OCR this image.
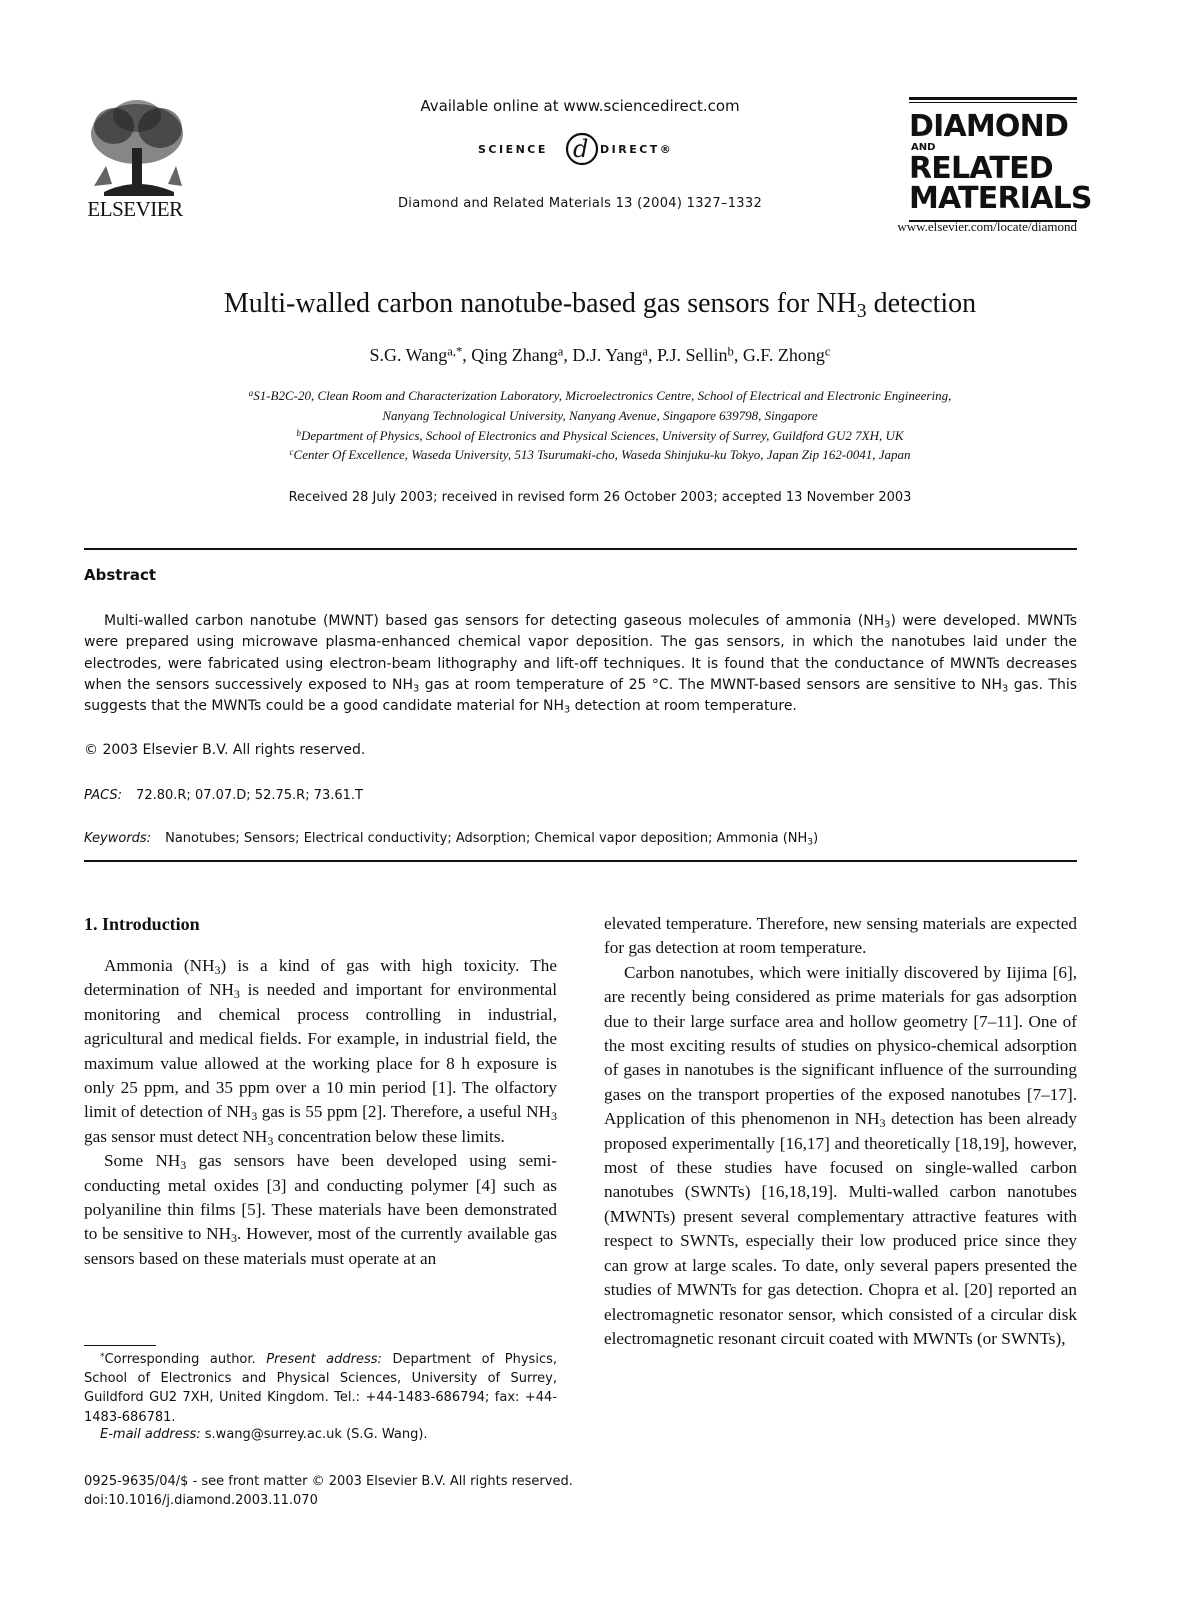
ELSEVIER
Available online at www.sciencedirect.com
SCIENCE d DIRECT®
Diamond and Related Materials 13 (2004) 1327–1332
DIAMOND
AND
RELATED
MATERIALS
www.elsevier.com/locate/diamond
Multi-walled carbon nanotube-based gas sensors for $NH_3$ detection
S.G. Wang$^{a,*}$, Qing Zhang$^a$, D.J. Yang$^a$, P.J. Sellin$^b$, G.F. Zhong$^c$
$^a$S1-B2C-20, Clean Room and Characterization Laboratory, Microelectronics Centre, School of Electrical and Electronic Engineering,
Nanyang Technological University, Nanyang Avenue, Singapore 639798, Singapore
$^b$Department of Physics, School of Electronics and Physical Sciences, University of Surrey, Guildford GU2 7XH, UK
$^c$Center Of Excellence, Waseda University, 513 Tsurumaki-cho, Waseda Shinjuku-ku Tokyo, Japan Zip 162-0041, Japan
Received 28 July 2003; received in revised form 26 October 2003; accepted 13 November 2003
Abstract
Multi-walled carbon nanotube (MWNT) based gas sensors for detecting gaseous molecules of ammonia $(NH_3)$ were developed. MWNTs were prepared using microwave plasma-enhanced chemical vapor deposition. The gas sensors, in which the nanotubes laid under the electrodes, were fabricated using electron-beam lithography and lift-off techniques. It is found that the conductance of MWNTs decreases when the sensors successively exposed to $NH_3$ gas at room temperature of 25 °C. The MWNT-based sensors are sensitive to $NH_3$ gas. This suggests that the MWNTs could be a good candidate material for $NH_3$ detection at room temperature.
© 2003 Elsevier B.V. All rights reserved.
PACS: 72.80.R; 07.07.D; 52.75.R; 73.61.T
Keywords: Nanotubes; Sensors; Electrical conductivity; Adsorption; Chemical vapor deposition; Ammonia $(NH_3)$
1. Introduction

Ammonia $(NH_3)$ is a kind of gas with high toxicity. The determination of $NH_3$ is needed and important for environmental monitoring and chemical process controlling in industrial, agricultural and medical fields. For example, in industrial field, the maximum value allowed at the working place for 8 h exposure is only 25 ppm, and 35 ppm over a 10 min period [1]. The olfactory limit of detection of $NH_3$ gas is 55 ppm [2]. Therefore, a useful $NH_3$ gas sensor must detect $NH_3$ concentration below these limits.

Some $NH_3$ gas sensors have been developed using semi-conducting metal oxides [3] and conducting polymer [4] such as polyaniline thin films [5]. These materials have been demonstrated to be sensitive to $NH_3$. However, most of the currently available gas sensors based on these materials must operate at an

elevated temperature. Therefore, new sensing materials are expected for gas detection at room temperature.

Carbon nanotubes, which were initially discovered by Iijima [6], are recently being considered as prime materials for gas adsorption due to their large surface area and hollow geometry [7–11]. One of the most exciting results of studies on physico-chemical adsorption of gases in nanotubes is the significant influence of the surrounding gases on the transport properties of the exposed nanotubes [7–17]. Application of this phenomenon in $NH_3$ detection has been already proposed experimentally [16,17] and theoretically [18,19], however, most of these studies have focused on single-walled carbon nanotubes (SWNTs) [16,18,19]. Multi-walled carbon nanotubes (MWNTs) present several complementary attractive features with respect to SWNTs, especially their low produced price since they can grow at large scales. To date, only several papers presented the studies of MWNTs for gas detection. Chopra et al. [20] reported an electromagnetic resonator sensor, which consisted of a circular disk electromagnetic resonant circuit coated with MWNTs (or SWNTs),

*Corresponding author. Present address: Department of Physics, School of Electronics and Physical Sciences, University of Surrey, Guildford GU2 7XH, United Kingdom. Tel.: +44-1483-686794; fax: +44-1483-686781.
E-mail address: s.wang@surrey.ac.uk (S.G. Wang).
0925-9635/04/$ - see front matter © 2003 Elsevier B.V. All rights reserved.
doi:10.1016/j.diamond.2003.11.070
